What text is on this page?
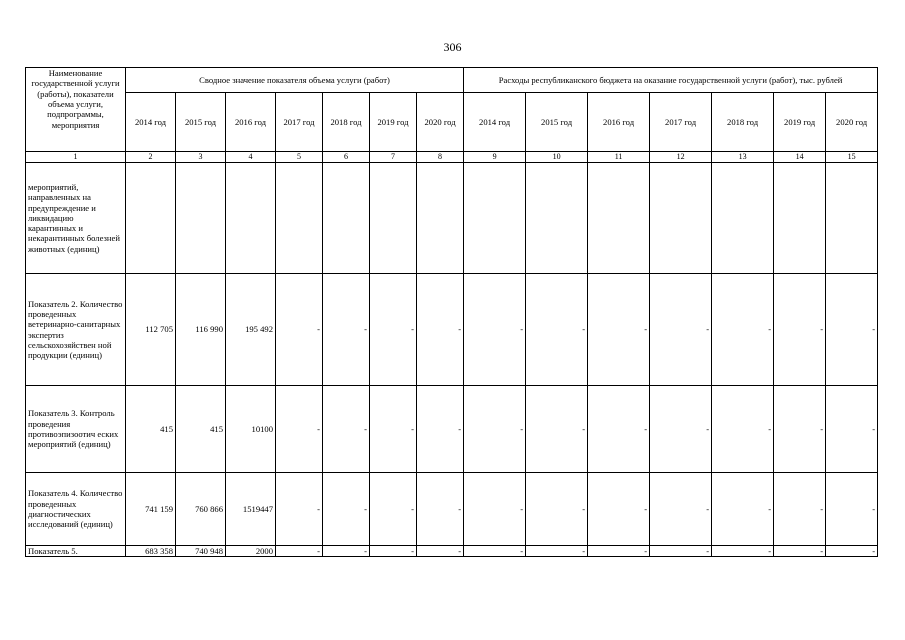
306
Наименование государственной услуги (работы), показатели объема услуги, подпрограммы, мероприятия	Сводное значение показателя объема услуги (работ)							Расходы республиканского бюджета на оказание государственной услуги (работ), тыс. рублей						
	2014 год	2015 год	2016 год	2017 год	2018 год	2019 год	2020 год	2014 год	2015 год	2016 год	2017 год	2018 год	2019 год	2020 год
1	2	3	4	5	6	7	8	9	10	11	12	13	14	15
мероприятий, направленных на предупреждение и ликвидацию карантинных и некарантинных болезней животных (единиц)														
Показатель 2. Количество проведенных ветеринарно-санитарных экспертиз сельскохозяйствен ной продукции (единиц)	112 705	116 990	195 492	-	-	-	-	-	-	-	-	-	-	-
Показатель 3. Контроль проведения противоэпизоотич еских мероприятий (единиц)	415	415	10100	-	-	-	-	-	-	-	-	-	-	-
Показатель 4. Количество проведенных диагностических исследований (единиц)	741 159	760 866	1519447	-	-	-	-	-	-	-	-	-	-	-
Показатель 5.	683 358	740 948	2000	-	-	-	-	-	-	-	-	-	-	-
